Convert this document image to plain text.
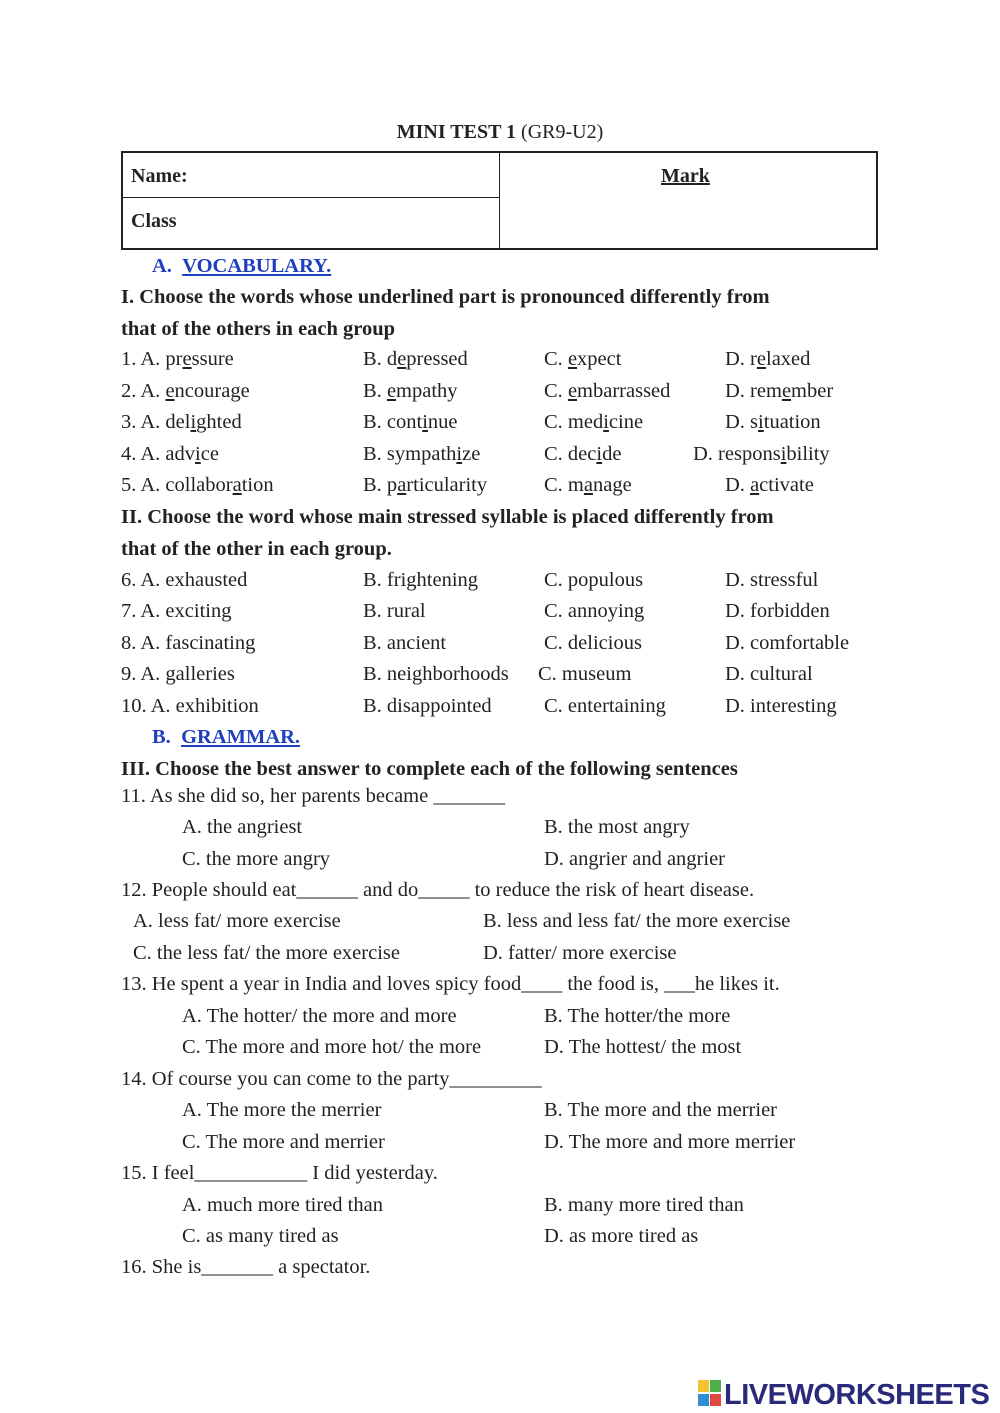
MINI TEST 1 (GR9-U2)
Name:
Class
Mark
A. VOCABULARY.
I. Choose the words whose underlined part is pronounced differently from
that of the others in each group
1. A. pressure	B. depressed	C. expect	D. relaxed
2. A. encourage	B. empathy	C. embarrassed	D. remember
3. A. delighted	B. continue	C. medicine	D. situation
4. A. advice	B. sympathize	C. decide	D. responsibility
5. A. collaboration	B. particularity	C. manage	D. activate
II. Choose the word whose main stressed syllable is placed differently from
that of the other in each group.
6. A. exhausted	B. frightening	C. populous	D. stressful
7. A. exciting	B. rural	C. annoying	D. forbidden
8. A. fascinating	B. ancient	C. delicious	D. comfortable
9. A. galleries	B. neighborhoods C. museum	D. cultural
10. A. exhibition	B. disappointed	C. entertaining	D. interesting
B. GRAMMAR.
III. Choose the best answer to complete each of the following sentences
11. As she did so, her parents became _______
A. the angriest	B. the most angry
C. the more angry	D. angrier and angrier
12. People should eat______ and do_____ to reduce the risk of heart disease.
A. less fat/ more exercise	B. less and less fat/ the more exercise
C. the less fat/ the more exercise	D. fatter/ more exercise
13. He spent a year in India and loves spicy food____ the food is, ___he likes it.
A. The hotter/ the more and more	B. The hotter/the more
C. The more and more hot/ the more	D. The hottest/ the most
14. Of course you can come to the party_________
A. The more the merrier	B. The more and the merrier
C. The more and merrier	D. The more and more merrier
15. I feel___________ I did yesterday.
A. much more tired than	B. many more tired than
C. as many tired as	D. as more tired as
16. She is_______ a spectator.
LIVEWORKSHEETS
